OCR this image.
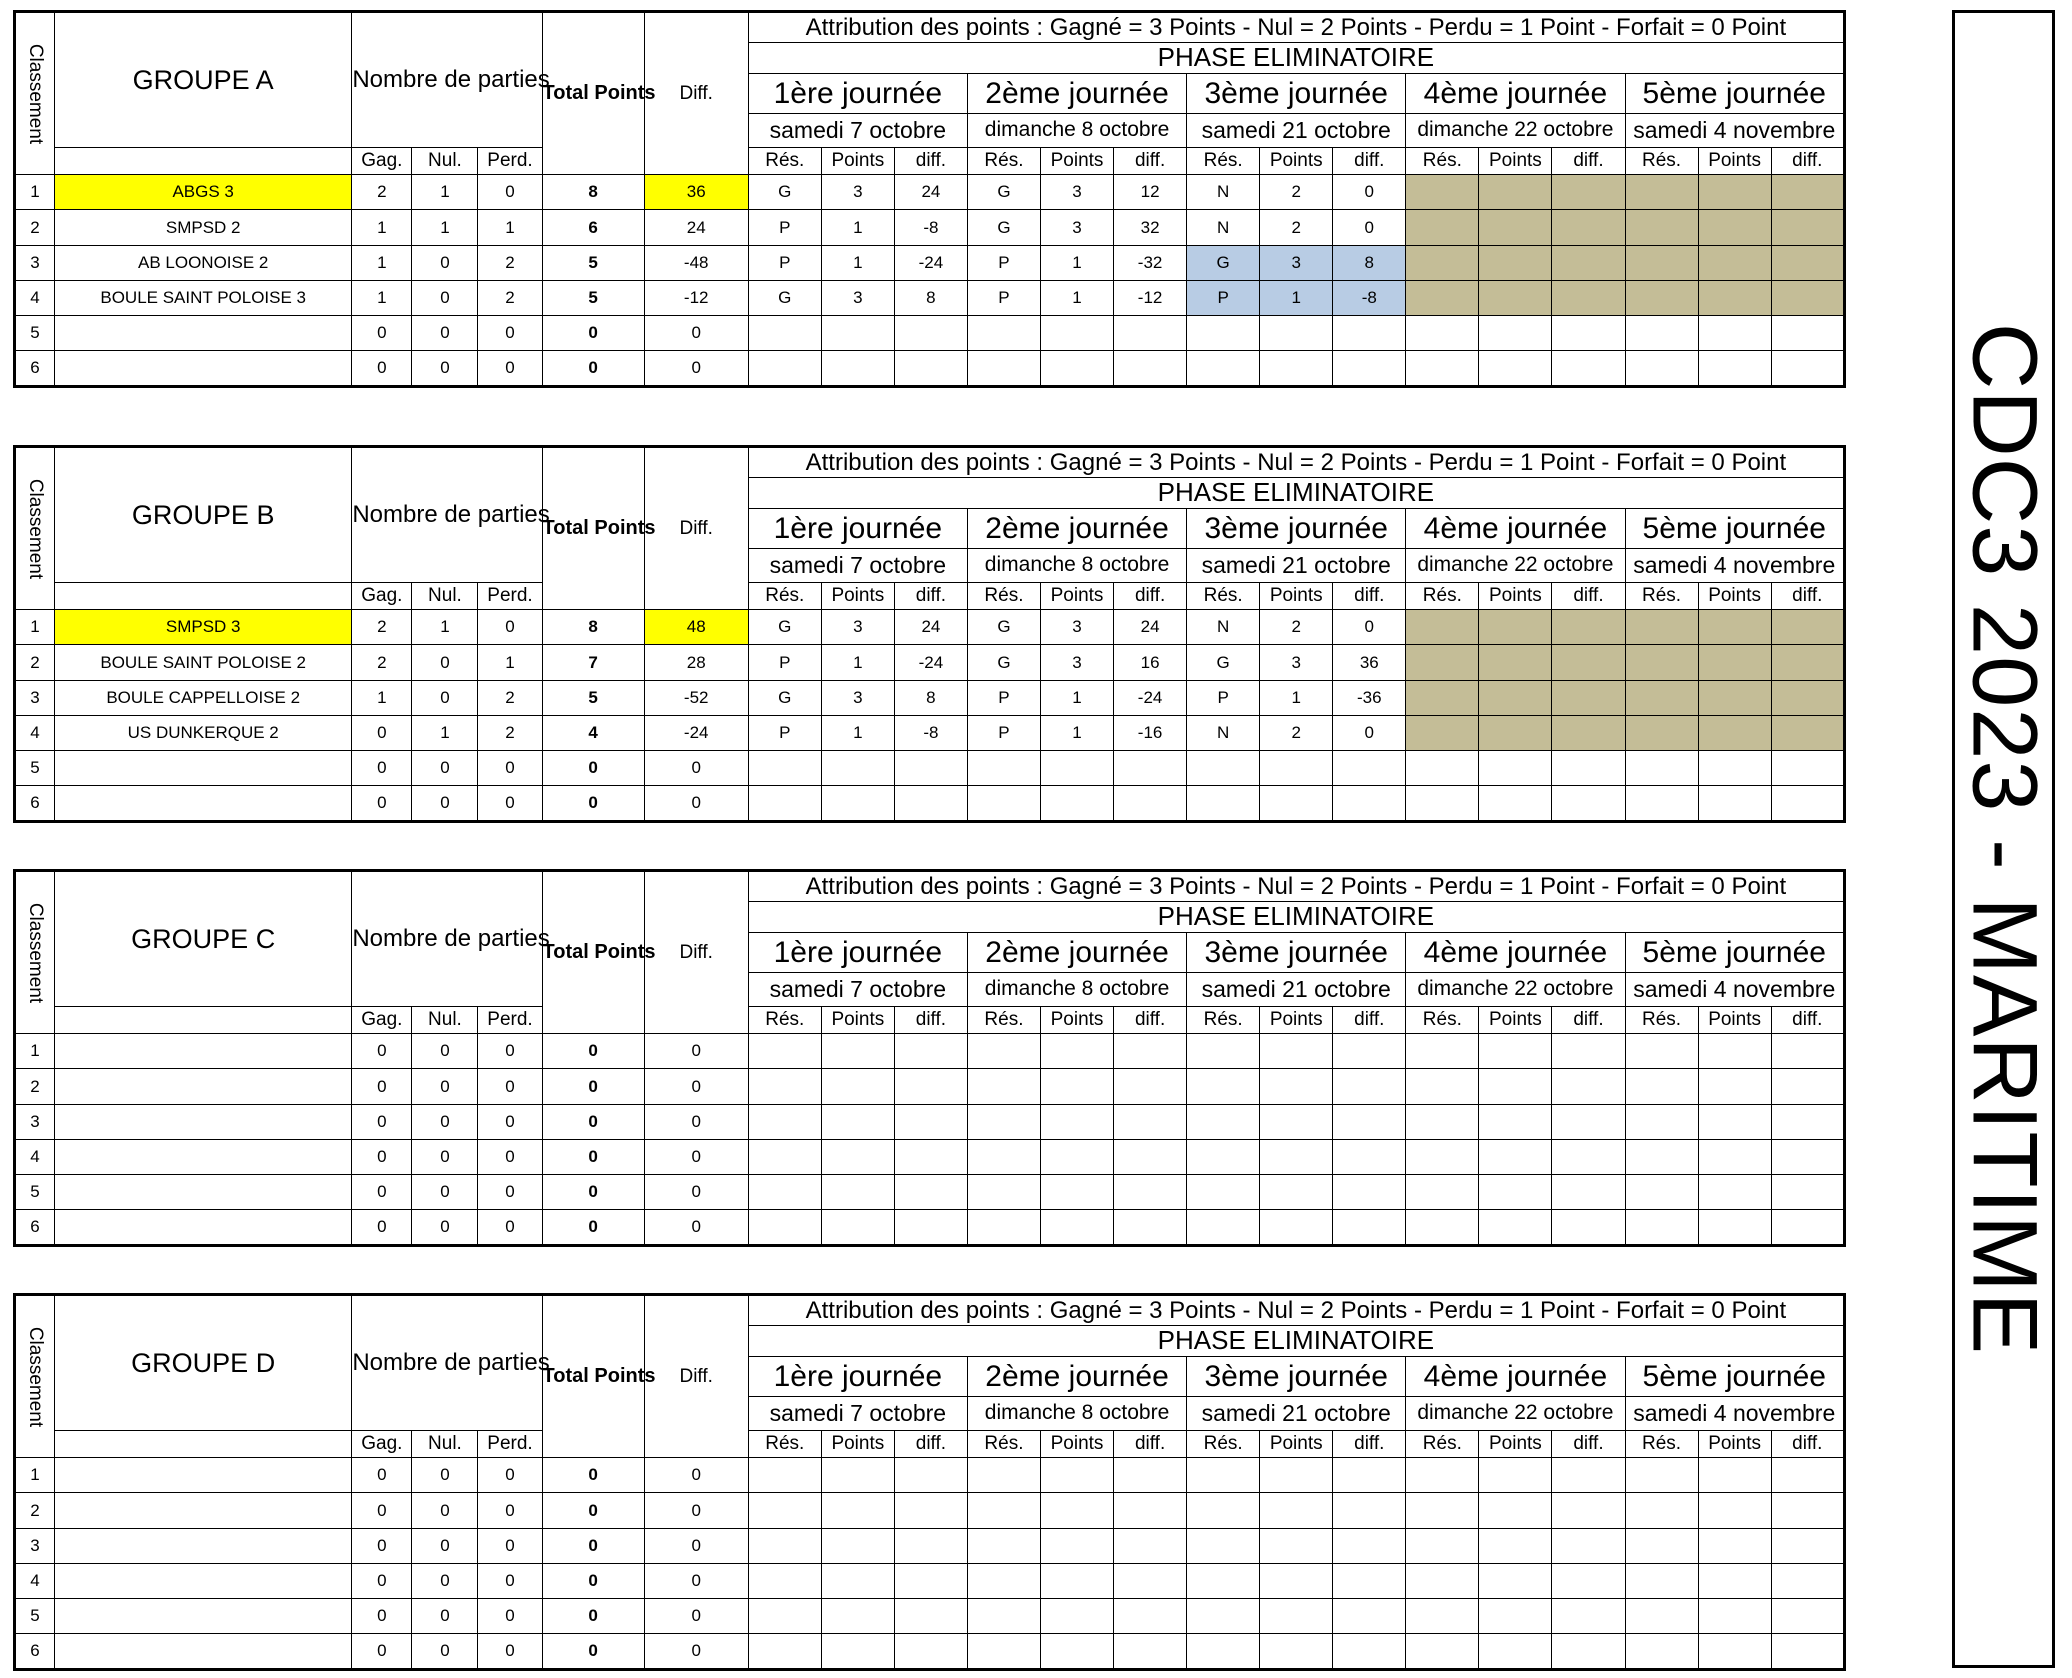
Classement	GROUPE A	Nombre de parties			Total Points	Diff.	Attribution des points : Gagné = 3 Points - Nul = 2 Points - Perdu = 1 Point - Forfait = 0 Point														
							PHASE ELIMINATOIRE														
							1ère journée			2ème journée			3ème journée			4ème journée			5ème journée		
							samedi 7 octobre			dimanche 8 octobre			samedi 21 octobre			dimanche 22 octobre			samedi 4 novembre		
		Gag.	Nul.	Perd.			Rés.	Points	diff.	Rés.	Points	diff.	Rés.	Points	diff.	Rés.	Points	diff.	Rés.	Points	diff.
1	ABGS 3	2	1	0	8	36	G	3	24	G	3	12	N	2	0						
2	SMPSD 2	1	1	1	6	24	P	1	-8	G	3	32	N	2	0						
3	AB LOONOISE 2	1	0	2	5	-48	P	1	-24	P	1	-32	G	3	8						
4	BOULE SAINT POLOISE 3	1	0	2	5	-12	G	3	8	P	1	-12	P	1	-8						
5		0	0	0	0	0															
6		0	0	0	0	0															
Classement	GROUPE B	Nombre de parties			Total Points	Diff.	Attribution des points : Gagné = 3 Points - Nul = 2 Points - Perdu = 1 Point - Forfait = 0 Point														
							PHASE ELIMINATOIRE														
							1ère journée			2ème journée			3ème journée			4ème journée			5ème journée		
							samedi 7 octobre			dimanche 8 octobre			samedi 21 octobre			dimanche 22 octobre			samedi 4 novembre		
		Gag.	Nul.	Perd.			Rés.	Points	diff.	Rés.	Points	diff.	Rés.	Points	diff.	Rés.	Points	diff.	Rés.	Points	diff.
1	SMPSD 3	2	1	0	8	48	G	3	24	G	3	24	N	2	0						
2	BOULE SAINT POLOISE 2	2	0	1	7	28	P	1	-24	G	3	16	G	3	36						
3	BOULE CAPPELLOISE 2	1	0	2	5	-52	G	3	8	P	1	-24	P	1	-36						
4	US DUNKERQUE 2	0	1	2	4	-24	P	1	-8	P	1	-16	N	2	0						
5		0	0	0	0	0															
6		0	0	0	0	0															
Classement	GROUPE C	Nombre de parties			Total Points	Diff.	Attribution des points : Gagné = 3 Points - Nul = 2 Points - Perdu = 1 Point - Forfait = 0 Point														
							PHASE ELIMINATOIRE														
							1ère journée			2ème journée			3ème journée			4ème journée			5ème journée		
							samedi 7 octobre			dimanche 8 octobre			samedi 21 octobre			dimanche 22 octobre			samedi 4 novembre		
		Gag.	Nul.	Perd.			Rés.	Points	diff.	Rés.	Points	diff.	Rés.	Points	diff.	Rés.	Points	diff.	Rés.	Points	diff.
1		0	0	0	0	0															
2		0	0	0	0	0															
3		0	0	0	0	0															
4		0	0	0	0	0															
5		0	0	0	0	0															
6		0	0	0	0	0															
Classement	GROUPE D	Nombre de parties			Total Points	Diff.	Attribution des points : Gagné = 3 Points - Nul = 2 Points - Perdu = 1 Point - Forfait = 0 Point														
							PHASE ELIMINATOIRE														
							1ère journée			2ème journée			3ème journée			4ème journée			5ème journée		
							samedi 7 octobre			dimanche 8 octobre			samedi 21 octobre			dimanche 22 octobre			samedi 4 novembre		
		Gag.	Nul.	Perd.			Rés.	Points	diff.	Rés.	Points	diff.	Rés.	Points	diff.	Rés.	Points	diff.	Rés.	Points	diff.
1		0	0	0	0	0															
2		0	0	0	0	0															
3		0	0	0	0	0															
4		0	0	0	0	0															
5		0	0	0	0	0															
6		0	0	0	0	0															
CDC3 2023 - MARITIME
